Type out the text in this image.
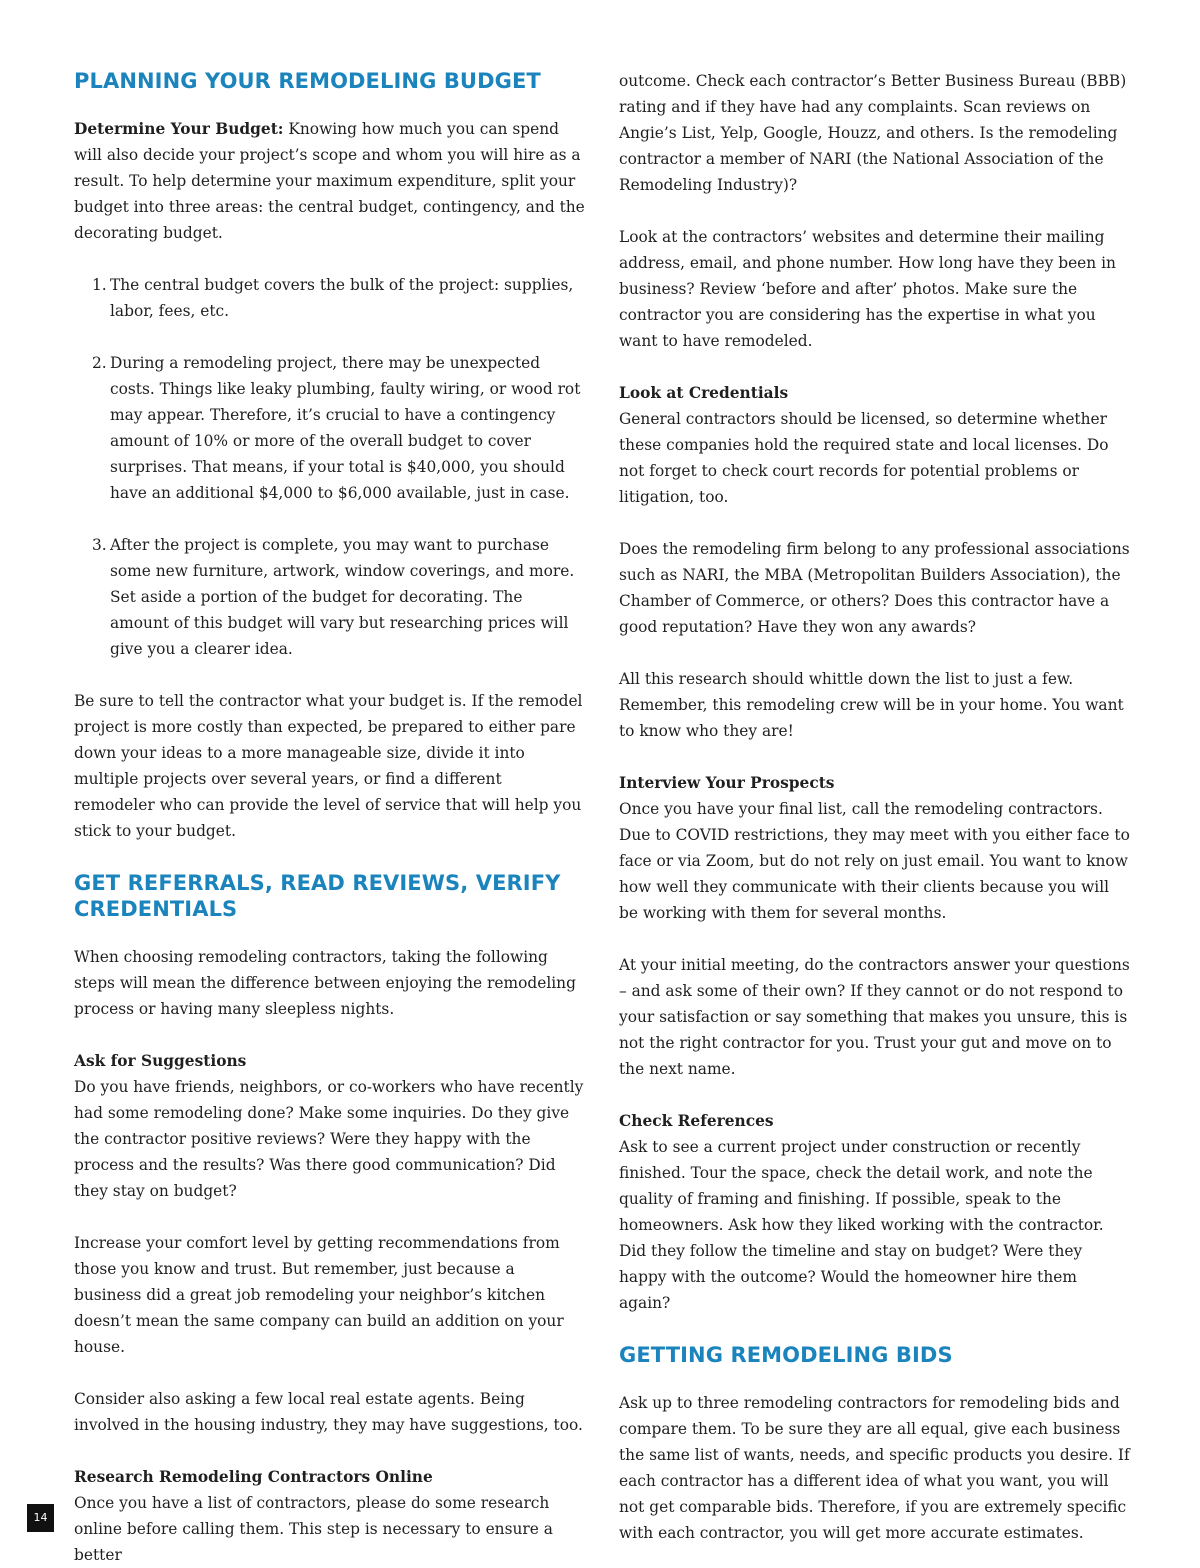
PLANNING YOUR REMODELING BUDGET

Determine Your Budget: Knowing how much you can spend will also decide your project’s scope and whom you will hire as a result. To help determine your maximum expenditure, split your budget into three areas: the central budget, contingency, and the decorating budget.

1. The central budget covers the bulk of the project: supplies, labor, fees, etc.
2. During a remodeling project, there may be unexpected costs. Things like leaky plumbing, faulty wiring, or wood rot may appear. Therefore, it’s crucial to have a contingency amount of 10% or more of the overall budget to cover surprises. That means, if your total is $40,000, you should have an additional $4,000 to $6,000 available, just in case.
3. After the project is complete, you may want to purchase some new furniture, artwork, window coverings, and more. Set aside a portion of the budget for decorating. The amount of this budget will vary but researching prices will give you a clearer idea.

Be sure to tell the contractor what your budget is. If the remodel project is more costly than expected, be prepared to either pare down your ideas to a more manageable size, divide it into multiple projects over several years, or find a different remodeler who can provide the level of service that will help you stick to your budget.

GET REFERRALS, READ REVIEWS, VERIFY CREDENTIALS

When choosing remodeling contractors, taking the following steps will mean the difference between enjoying the remodeling process or having many sleepless nights.

Ask for Suggestions
Do you have friends, neighbors, or co-workers who have recently had some remodeling done? Make some inquiries. Do they give the contractor positive reviews? Were they happy with the process and the results? Was there good communication? Did they stay on budget?

Increase your comfort level by getting recommendations from those you know and trust. But remember, just because a business did a great job remodeling your neighbor’s kitchen doesn’t mean the same company can build an addition on your house.

Consider also asking a few local real estate agents. Being involved in the housing industry, they may have suggestions, too.

Research Remodeling Contractors Online
Once you have a list of contractors, please do some research online before calling them. This step is necessary to ensure a better

outcome. Check each contractor’s Better Business Bureau (BBB) rating and if they have had any complaints. Scan reviews on Angie’s List, Yelp, Google, Houzz, and others. Is the remodeling contractor a member of NARI (the National Association of the Remodeling Industry)?

Look at the contractors’ websites and determine their mailing address, email, and phone number. How long have they been in business? Review ‘before and after’ photos. Make sure the contractor you are considering has the expertise in what you want to have remodeled.

Look at Credentials
General contractors should be licensed, so determine whether these companies hold the required state and local licenses. Do not forget to check court records for potential problems or litigation, too.

Does the remodeling firm belong to any professional associations such as NARI, the MBA (Metropolitan Builders Association), the Chamber of Commerce, or others? Does this contractor have a good reputation? Have they won any awards?

All this research should whittle down the list to just a few. Remember, this remodeling crew will be in your home. You want to know who they are!

Interview Your Prospects
Once you have your final list, call the remodeling contractors. Due to COVID restrictions, they may meet with you either face to face or via Zoom, but do not rely on just email. You want to know how well they communicate with their clients because you will be working with them for several months.

At your initial meeting, do the contractors answer your questions – and ask some of their own? If they cannot or do not respond to your satisfaction or say something that makes you unsure, this is not the right contractor for you. Trust your gut and move on to the next name.

Check References
Ask to see a current project under construction or recently finished. Tour the space, check the detail work, and note the quality of framing and finishing. If possible, speak to the homeowners. Ask how they liked working with the contractor. Did they follow the timeline and stay on budget? Were they happy with the outcome? Would the homeowner hire them again?

GETTING REMODELING BIDS

Ask up to three remodeling contractors for remodeling bids and compare them. To be sure they are all equal, give each business the same list of wants, needs, and specific products you desire. If each contractor has a different idea of what you want, you will not get comparable bids. Therefore, if you are extremely specific with each contractor, you will get more accurate estimates.

14
